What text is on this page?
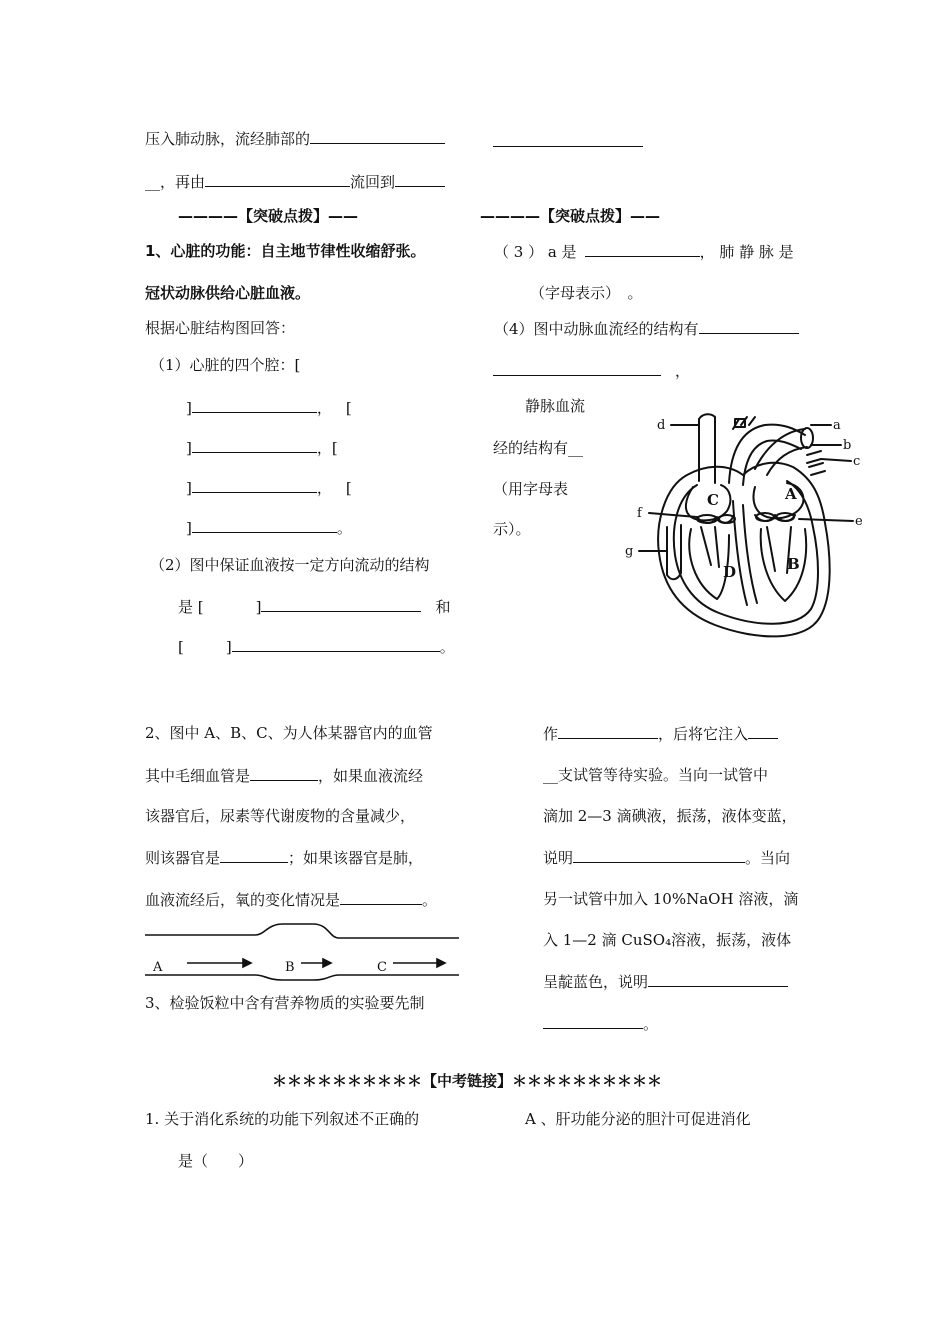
压入肺动脉，流经肺部的
__，再由	流回到
————【突破点拨】——	————【突破点拨】——
1、心脏的功能：自主地节律性收缩舒张。
冠状动脉供给心脏血液。
根据心脏结构图回答：
（1）心脏的四个腔：[
]	， [
]	，[
]	， [
]	。
（2）图中保证血液按一定方向流动的结构
是 [	]	和
[	]	。
（ 3 ） a 是	， 肺 静 脉 是
（字母表示）　。
（4）图中动脉血流经的结构有
，
静脉血流
经的结构有__
（用字母表
示）。
d	a
b
c
f
e
g
C	A
D	B
2、图中 A、B、C、为人体某器官内的血管
其中毛细血管是	，如果血液流经
该器官后，尿素等代谢废物的含量减少，
则该器官是	；如果该器官是肺，
血液流经后，氧的变化情况是	。
A	B	C
3、检验饭粒中含有营养物质的实验要先制
作	，后将它注入
__支试管等待实验。当向一试管中
滴加 2—3 滴碘液，振荡，液体变蓝，
说明	。当向
另一试管中加入 10%NaOH 溶液，滴
入 1—2 滴 CuSO₄溶液，振荡，液体
呈靛蓝色，说明
。
＊＊＊＊＊＊＊＊＊＊【中考链接】＊＊＊＊＊＊＊＊＊＊
1. 关于消化系统的功能下列叙述不正确的
是（　　）
A 、肝功能分泌的胆汁可促进消化
